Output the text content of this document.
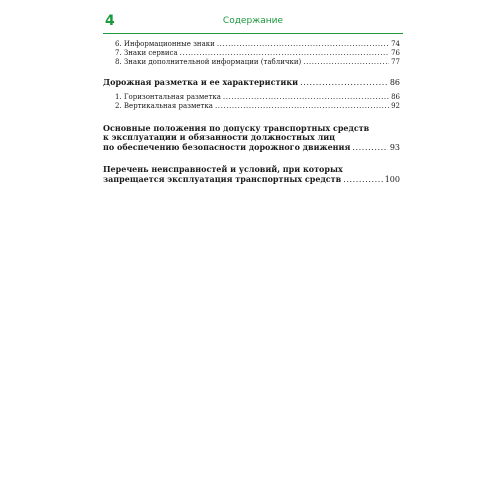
4	Содержание
6. Информационные знаки .....	74
7. Знаки сервиса .....	76
8. Знаки дополнительной информации (таблички) .....	77
Дорожная разметка и ее характеристики .....	86
1. Горизонтальная разметка .....	86
2. Вертикальная разметка .....	92
Основные положения по допуску транспортных средств
к эксплуатации и обязанности должностных лиц
по обеспечению безопасности дорожного движения .....	93
Перечень неисправностей и условий, при которых
запрещается эксплуатация транспортных средств .....	100
